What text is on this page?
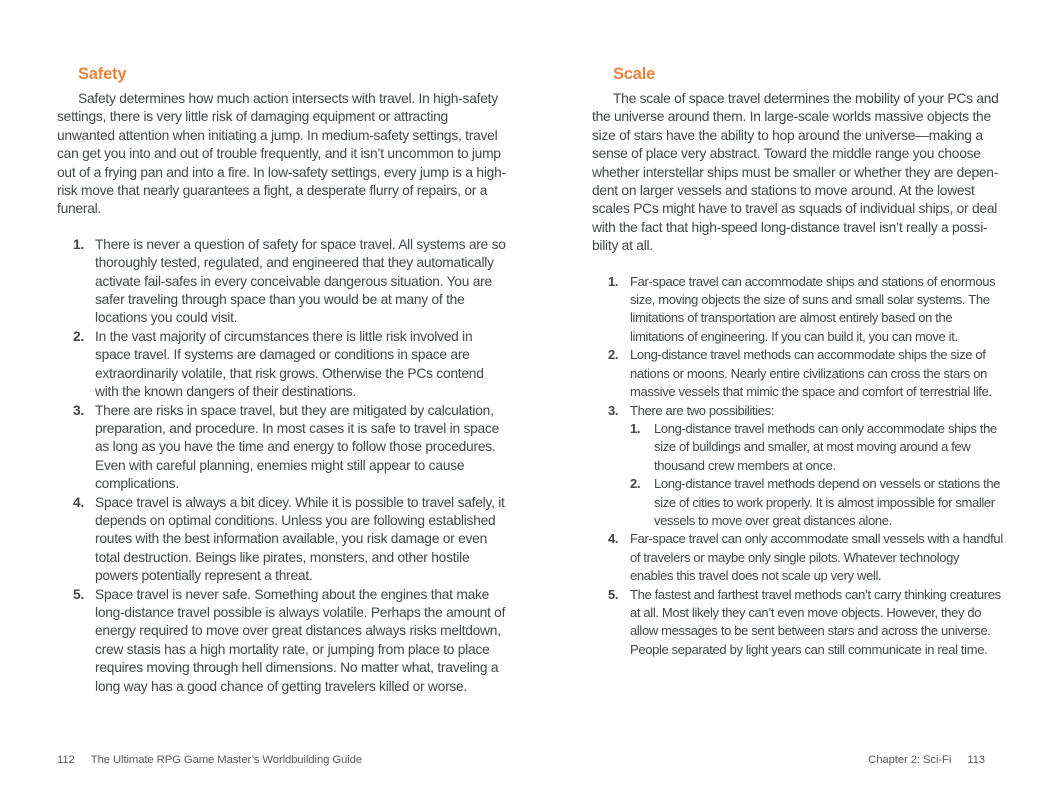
Safety

Safety determines how much action intersects with travel. In high-safety settings, there is very little risk of damaging equipment or attracting unwanted attention when initiating a jump. In medium-safety settings, travel can get you into and out of trouble frequently, and it isn’t uncommon to jump out of a frying pan and into a fire. In low-safety settings, every jump is a high-risk move that nearly guarantees a fight, a desperate flurry of repairs, or a funeral.

1. There is never a question of safety for space travel. All systems are so thoroughly tested, regulated, and engineered that they automatically activate fail-safes in every conceivable dangerous situation. You are safer traveling through space than you would be at many of the locations you could visit.
2. In the vast majority of circumstances there is little risk involved in space travel. If systems are damaged or conditions in space are extraordinarily volatile, that risk grows. Otherwise the PCs contend with the known dangers of their destinations.
3. There are risks in space travel, but they are mitigated by calculation, preparation, and procedure. In most cases it is safe to travel in space as long as you have the time and energy to follow those procedures. Even with careful planning, enemies might still appear to cause complications.
4. Space travel is always a bit dicey. While it is possible to travel safely, it depends on optimal conditions. Unless you are following established routes with the best information available, you risk damage or even total destruction. Beings like pirates, monsters, and other hostile powers potentially represent a threat.
5. Space travel is never safe. Something about the engines that make long-distance travel possible is always volatile. Perhaps the amount of energy required to move over great distances always risks meltdown, crew stasis has a high mortality rate, or jumping from place to place requires moving through hell dimensions. No matter what, traveling a long way has a good chance of getting travelers killed or worse.
Scale

The scale of space travel determines the mobility of your PCs and the universe around them. In large-scale worlds massive objects the size of stars have the ability to hop around the universe—making a sense of place very abstract. Toward the middle range you choose whether interstellar ships must be smaller or whether they are dependent on larger vessels and stations to move around. At the lowest scales PCs might have to travel as squads of individual ships, or deal with the fact that high-speed long-distance travel isn’t really a possibility at all.

1. Far-space travel can accommodate ships and stations of enormous size, moving objects the size of suns and small solar systems. The limitations of transportation are almost entirely based on the limitations of engineering. If you can build it, you can move it.
2. Long-distance travel methods can accommodate ships the size of nations or moons. Nearly entire civilizations can cross the stars on massive vessels that mimic the space and comfort of terrestrial life.
3. There are two possibilities:
1.	Long-distance travel methods can only accommodate ships the size of buildings and smaller, at most moving around a few thousand crew members at once.
2.	Long-distance travel methods depend on vessels or stations the size of cities to work properly. It is almost impossible for smaller vessels to move over great distances alone.
4. Far-space travel can only accommodate small vessels with a handful of travelers or maybe only single pilots. Whatever technology enables this travel does not scale up very well.
5. The fastest and farthest travel methods can’t carry thinking creatures at all. Most likely they can’t even move objects. However, they do allow messages to be sent between stars and across the universe. People separated by light years can still communicate in real time.
112 The Ultimate RPG Game Master’s Worldbuilding Guide	Chapter 2: Sci-Fi 113
